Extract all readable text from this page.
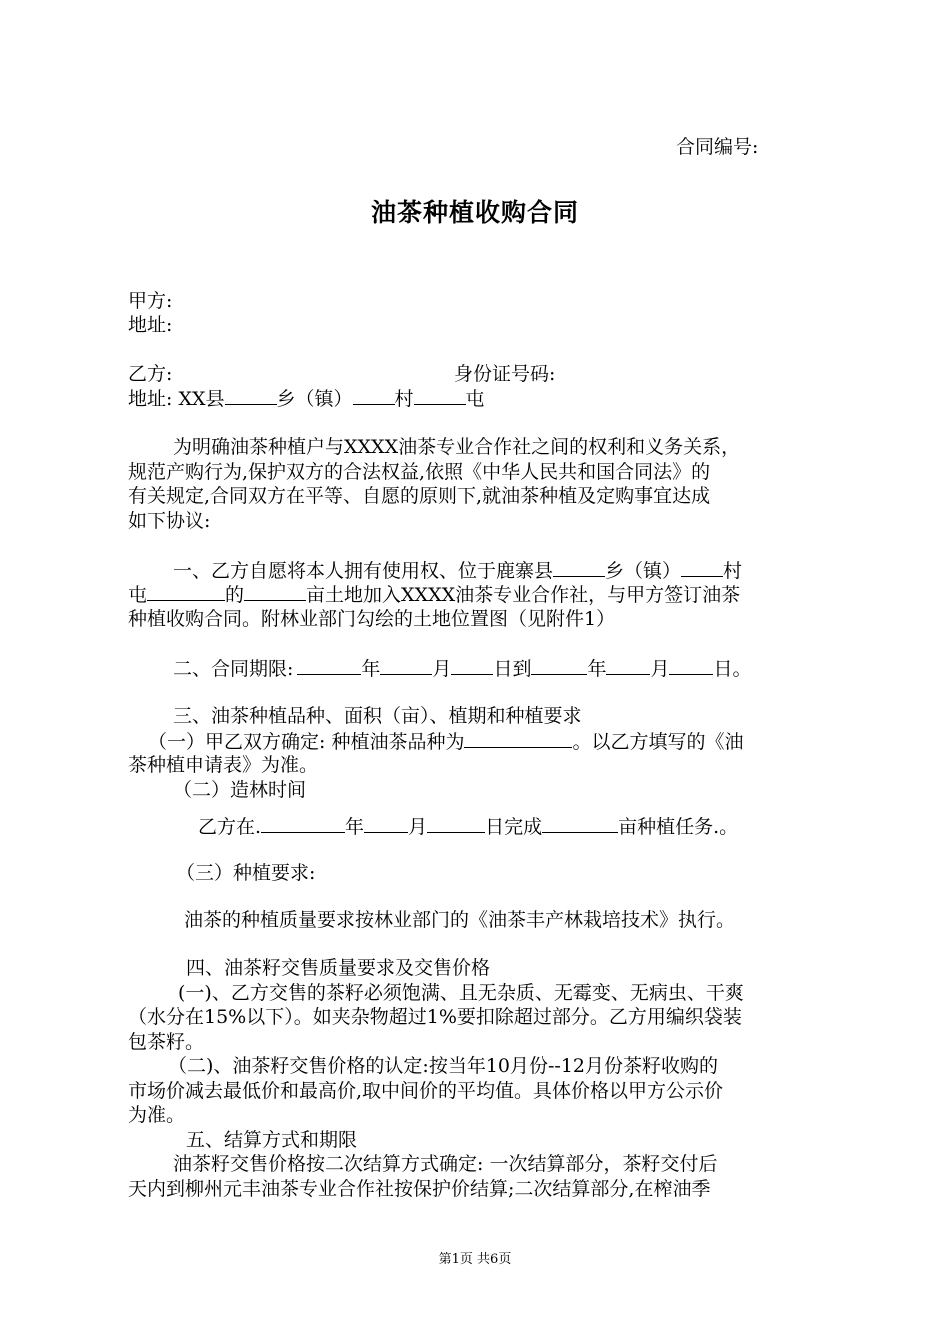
合同编号:
油茶种植收购合同
甲方:
地址:
乙方:	身份证号码:
地址: XX县	乡（镇） 村	屯
为明确油茶种植户与XXXX油茶专业合作社之间的权利和义务关系，
规范产购行为,保护双方的合法权益,依照《中华人民共和国合同法》的
有关规定,合同双方在平等、自愿的原则下,就油茶种植及定购事宜达成
如下协议:
一、乙方自愿将本人拥有使用权、位于鹿寨县	乡（镇） 村
屯	的	亩土地加入XXXX油茶专业合作社，与甲方签订油茶
种植收购合同。附林业部门勾绘的土地位置图（见附件1）
二、合同期限:	年	月 日到	年 月 日。
三、油茶种植品种、面积（亩）、植期和种植要求
（一）甲乙双方确定: 种植油茶品种为	。以乙方填写的《油
茶种植申请表》为准。
（二）造林时间
乙方在.	年 月	日完成	亩种植任务.。
（三）种植要求:
油茶的种植质量要求按林业部门的《油茶丰产林栽培技术》执行。
四、油茶籽交售质量要求及交售价格
(一)、乙方交售的茶籽必须饱满、且无杂质、无霉变、无病虫、干爽
（水分在15%以下）。如夹杂物超过1%要扣除超过部分。乙方用编织袋装
包茶籽。
（二)、油茶籽交售价格的认定:按当年10月份--12月份茶籽收购的
市场价减去最低价和最高价,取中间价的平均值。具体价格以甲方公示价
为准。
五、结算方式和期限
油茶籽交售价格按二次结算方式确定: 一次结算部分，茶籽交付后
天内到柳州元丰油茶专业合作社按保护价结算;二次结算部分,在榨油季
第1页 共6页
